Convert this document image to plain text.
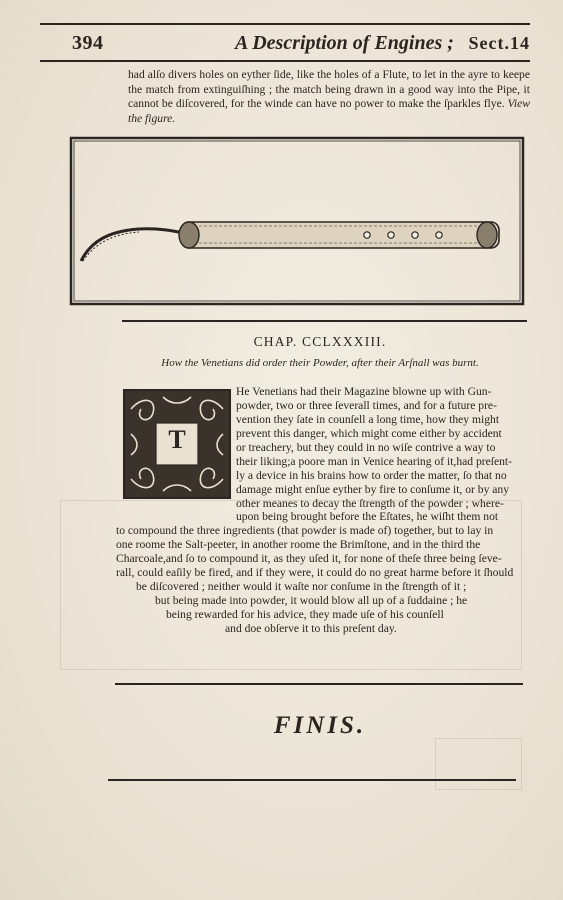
394	A Description of Engines ; Sect.14
had alſo divers holes on eyther ſide, like the holes of a Flute, to let in the ayre to keepe the match from extinguiſhing ; the match being drawn in a good way into the Pipe, it cannot be diſcovered, for the winde can have no power to make the ſparkles flye. View the figure.
CHAP. CCLXXXIII.
How the Venetians did order their Powder, after their Arſnall was burnt.
T
He Venetians had their Magazine blowne up with Gun-
powder, two or three ſeverall times, and for a future pre-
vention they ſate in counſell a long time, how they might
prevent this danger, which might come either by accident
or treachery, but they could in no wiſe contrive a way to
their liking;a poore man in Venice hearing of it,had preſent-
ly a device in his brains how to order the matter, ſo that no
damage might enſue eyther by fire to conſume it, or by any
other meanes to decay the ſtrength of the powder ; where-
upon being brought before the Eſtates, he wiſht them not
to compound the three ingredients (that powder is made of) together, but to lay in
one roome the Salt-peeter, in another roome the Brimſtone, and in the third the
Charcoale,and ſo to compound it, as they uſed it, for none of theſe three being ſeve-
rall, could eaſily be fired, and if they were, it could do no great harme before it ſhould
be diſcovered ; neither would it waſte nor conſume in the ſtrength of it ;
but being made into powder, it would blow all up of a ſuddaine ; he
being rewarded for his advice, they made uſe of his counſell
and doe obſerve it to this preſent day.
FINIS.
